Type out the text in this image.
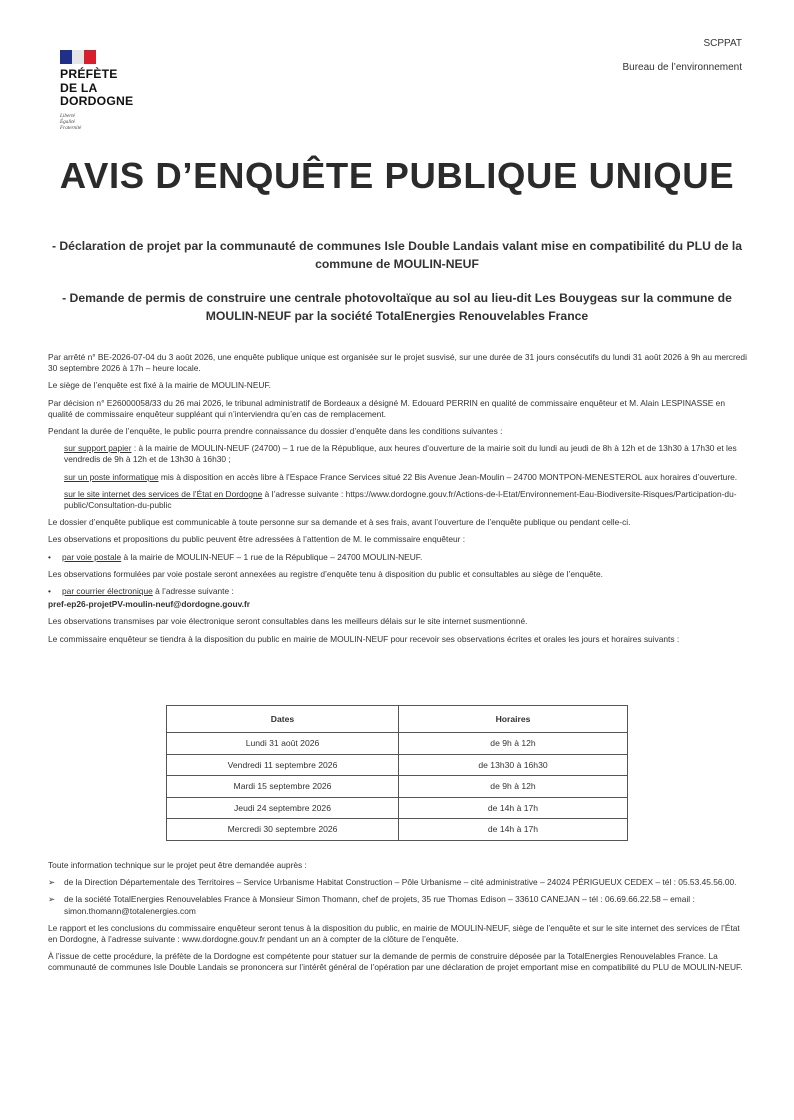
PRÉFÈTE
DE LA
DORDOGNE
Liberté
Égalité
Fraternité
SCPPAT
Bureau de l’environnement
AVIS D’ENQUÊTE PUBLIQUE UNIQUE
- Déclaration de projet par la communauté de communes Isle Double Landais valant mise en compatibilité du PLU de la commune de MOULIN-NEUF
- Demande de permis de construire une centrale photovoltaïque au sol au lieu-dit Les Bouygeas sur la commune de MOULIN-NEUF par la société TotalEnergies Renouvelables France

Par arrêté n° BE-2026-07-04 du 3 août 2026, une enquête publique unique est organisée sur le projet susvisé, sur une durée de 31 jours consécutifs du lundi 31 août 2026 à 9h au mercredi 30 septembre 2026 à 17h – heure locale.

Le siège de l’enquête est fixé à la mairie de MOULIN-NEUF.

Par décision n° E26000058/33 du 26 mai 2026, le tribunal administratif de Bordeaux a désigné M. Edouard PERRIN en qualité de commissaire enquêteur et M. Alain LESPINASSE en qualité de commissaire enquêteur suppléant qui n’interviendra qu’en cas de remplacement.

Pendant la durée de l’enquête, le public pourra prendre connaissance du dossier d’enquête dans les conditions suivantes :

sur support papier : à la mairie de MOULIN-NEUF (24700) – 1 rue de la République, aux heures d’ouverture de la mairie soit du lundi au jeudi de 8h à 12h et de 13h30 à 17h30 et les vendredis de 9h à 12h et de 13h30 à 16h30 ;

sur un poste informatique mis à disposition en accès libre à l’Espace France Services situé 22 Bis Avenue Jean-Moulin – 24700 MONTPON-MENESTEROL aux horaires d’ouverture.

sur le site internet des services de l’État en Dordogne à l’adresse suivante : https://www.dordogne.gouv.fr/Actions-de-l-Etat/Environnement-Eau-Biodiversite-Risques/Participation-du-public/Consultation-du-public

Le dossier d’enquête publique est communicable à toute personne sur sa demande et à ses frais, avant l’ouverture de l’enquête publique ou pendant celle-ci.

Les observations et propositions du public peuvent être adressées à l’attention de M. le commissaire enquêteur :

• par voie postale à la mairie de MOULIN-NEUF – 1 rue de la République – 24700 MOULIN-NEUF.

Les observations formulées par voie postale seront annexées au registre d’enquête tenu à disposition du public et consultables au siège de l’enquête.

• par courrier électronique à l’adresse suivante :

pref-ep26-projetPV-moulin-neuf@dordogne.gouv.fr

Les observations transmises par voie électronique seront consultables dans les meilleurs délais sur le site internet susmentionné.

Le commissaire enquêteur se tiendra à la disposition du public en mairie de MOULIN-NEUF pour recevoir ses observations écrites et orales les jours et horaires suivants :

Dates	Horaires
Lundi 31 août 2026	de 9h à 12h
Vendredi 11 septembre 2026	de 13h30 à 16h30
Mardi 15 septembre 2026	de 9h à 12h
Jeudi 24 septembre 2026	de 14h à 17h
Mercredi 30 septembre 2026	de 14h à 17h

Toute information technique sur le projet peut être demandée auprès :

➢	de la Direction Départementale des Territoires – Service Urbanisme Habitat Construction – Pôle Urbanisme – cité administrative – 24024 PÉRIGUEUX CEDEX – tél : 05.53.45.56.00.
➢	de la société TotalEnergies Renouvelables France à Monsieur Simon Thomann, chef de projets, 35 rue Thomas Edison – 33610 CANEJAN – tél : 06.69.66.22.58 – email : simon.thomann@totalenergies.com

Le rapport et les conclusions du commissaire enquêteur seront tenus à la disposition du public, en mairie de MOULIN-NEUF, siège de l’enquête et sur le site internet des services de l’État en Dordogne, à l’adresse suivante : www.dordogne.gouv.fr pendant un an à compter de la clôture de l’enquête.

À l’issue de cette procédure, la préfète de la Dordogne est compétente pour statuer sur la demande de permis de construire déposée par la TotalEnergies Renouvelables France. La communauté de communes Isle Double Landais se prononcera sur l’intérêt général de l’opération par une déclaration de projet emportant mise en compatibilité du PLU de MOULIN-NEUF.
